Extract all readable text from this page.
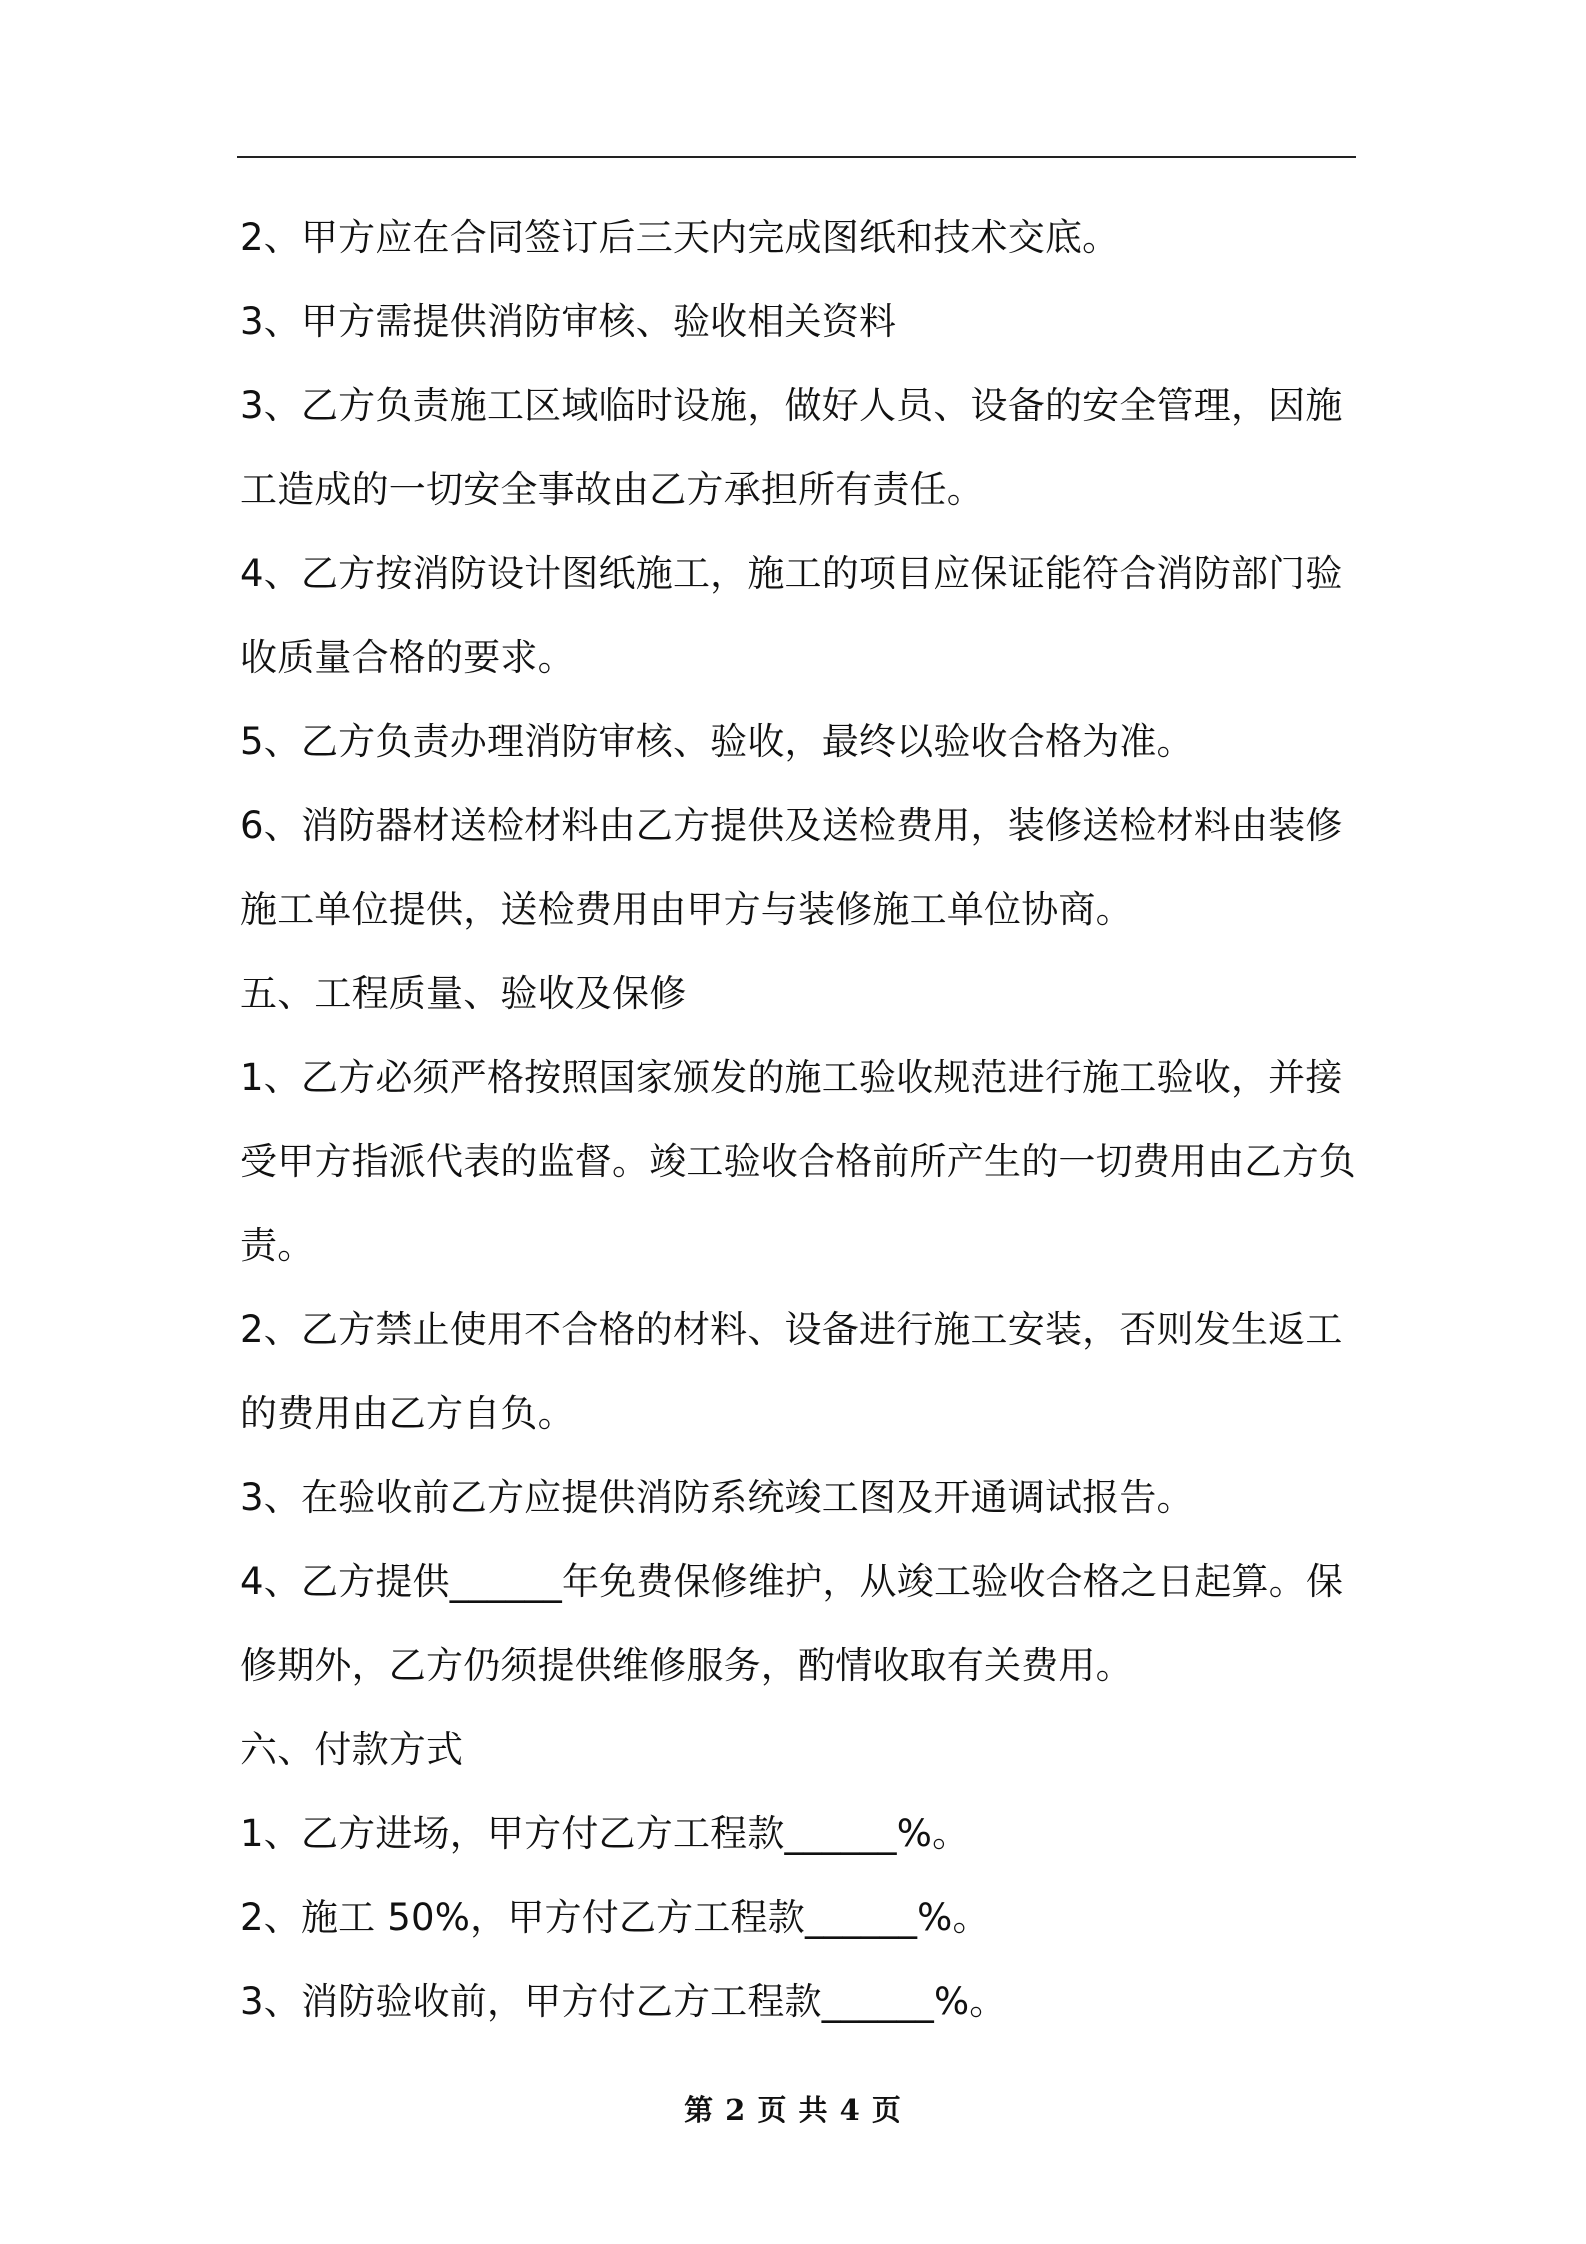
2、甲方应在合同签订后三天内完成图纸和技术交底。
3、甲方需提供消防审核、验收相关资料
3、乙方负责施工区域临时设施，做好人员、设备的安全管理，因施
工造成的一切安全事故由乙方承担所有责任。
4、乙方按消防设计图纸施工，施工的项目应保证能符合消防部门验
收质量合格的要求。
5、乙方负责办理消防审核、验收，最终以验收合格为准。
6、消防器材送检材料由乙方提供及送检费用，装修送检材料由装修
施工单位提供，送检费用由甲方与装修施工单位协商。
五、工程质量、验收及保修
1、乙方必须严格按照国家颁发的施工验收规范进行施工验收，并接
受甲方指派代表的监督。竣工验收合格前所产生的一切费用由乙方负
责。
2、乙方禁止使用不合格的材料、设备进行施工安装，否则发生返工
的费用由乙方自负。
3、在验收前乙方应提供消防系统竣工图及开通调试报告。
4、乙方提供______年免费保修维护，从竣工验收合格之日起算。保
修期外，乙方仍须提供维修服务，酌情收取有关费用。
六、付款方式
1、乙方进场，甲方付乙方工程款______%。
2、施工 50%，甲方付乙方工程款______%。
3、消防验收前，甲方付乙方工程款______%。
第 2 页 共 4 页
